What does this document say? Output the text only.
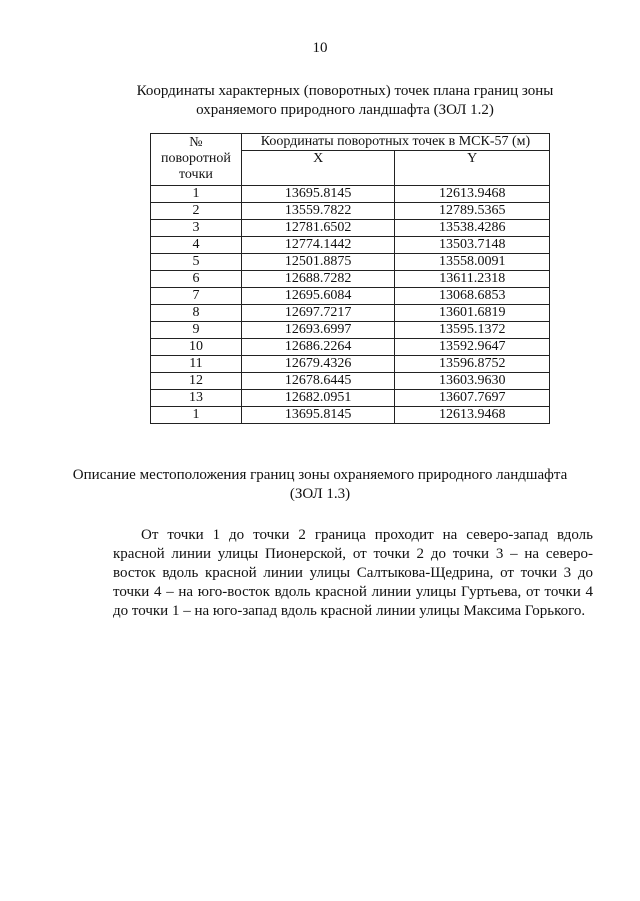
10
Координаты характерных (поворотных) точек плана границ зоны
охраняемого природного ландшафта (ЗОЛ 1.2)
№
поворотной
точки	Координаты поворотных точек в МСК-57 (м)	
	X	Y
1	13695.8145	12613.9468
2	13559.7822	12789.5365
3	12781.6502	13538.4286
4	12774.1442	13503.7148
5	12501.8875	13558.0091
6	12688.7282	13611.2318
7	12695.6084	13068.6853
8	12697.7217	13601.6819
9	12693.6997	13595.1372
10	12686.2264	13592.9647
11	12679.4326	13596.8752
12	12678.6445	13603.9630
13	12682.0951	13607.7697
1	13695.8145	12613.9468
Описание местоположения границ зоны охраняемого природного ландшафта
(ЗОЛ 1.3)

От точки 1 до точки 2 граница проходит на северо-запад вдоль красной линии улицы Пионерской, от точки 2 до точки 3 – на северо-восток вдоль красной линии улицы Салтыкова-Щедрина, от точки 3 до точки 4 – на юго-восток вдоль красной линии улицы Гуртьева, от точки 4 до точки 1 – на юго-запад вдоль красной линии улицы Максима Горького.
